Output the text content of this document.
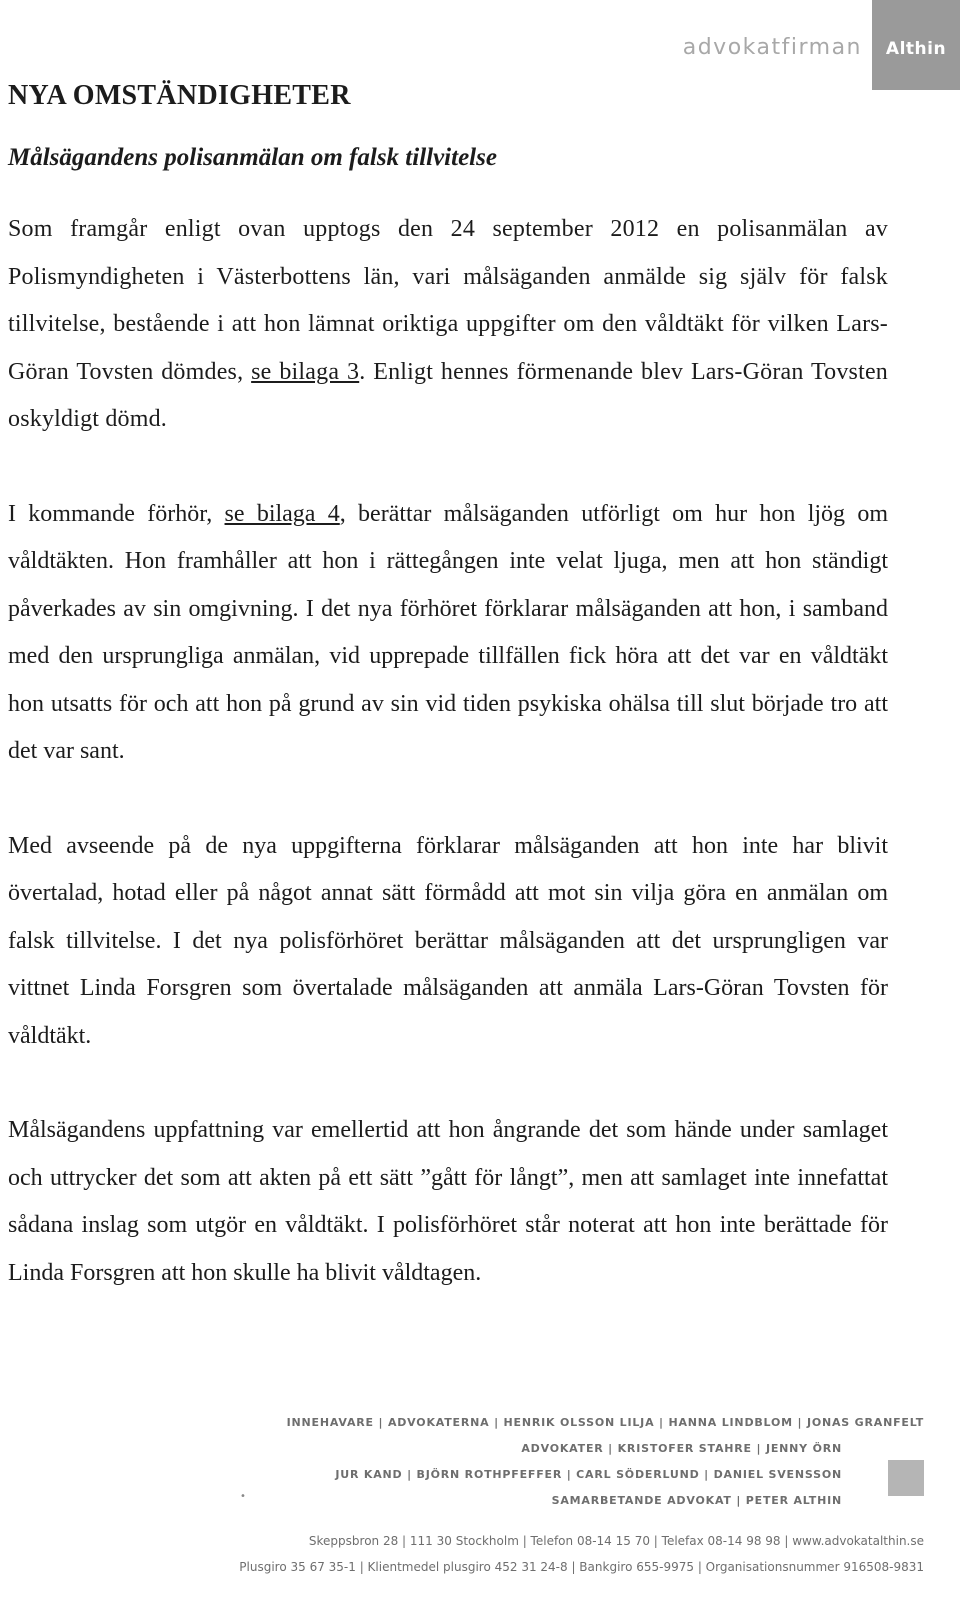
advokatfirman	Althin
NYA OMSTÄNDIGHETER
Målsägandens polisanmälan om falsk tillvitelse

Som framgår enligt ovan upptogs den 24 september 2012 en polisanmälan av Polismyndigheten i Västerbottens län, vari målsäganden anmälde sig själv för falsk tillvitelse, bestående i att hon lämnat oriktiga uppgifter om den våldtäkt för vilken Lars-Göran Tovsten dömdes, se bilaga 3. Enligt hennes förmenande blev Lars-Göran Tovsten oskyldigt dömd.

I kommande förhör, se bilaga 4, berättar målsäganden utförligt om hur hon ljög om våldtäkten. Hon framhåller att hon i rättegången inte velat ljuga, men att hon ständigt påverkades av sin omgivning. I det nya förhöret förklarar målsäganden att hon, i samband med den ursprungliga anmälan, vid upprepade tillfällen fick höra att det var en våldtäkt hon utsatts för och att hon på grund av sin vid tiden psykiska ohälsa till slut började tro att det var sant.

Med avseende på de nya uppgifterna förklarar målsäganden att hon inte har blivit övertalad, hotad eller på något annat sätt förmådd att mot sin vilja göra en anmälan om falsk tillvitelse. I det nya polisförhöret berättar målsäganden att det ursprungligen var vittnet Linda Forsgren som övertalade målsäganden att anmäla Lars-Göran Tovsten för våldtäkt.

Målsägandens uppfattning var emellertid att hon ångrande det som hände under samlaget och uttrycker det som att akten på ett sätt ”gått för långt”, men att samlaget inte innefattat sådana inslag som utgör en våldtäkt. I polisförhöret står noterat att hon inte berättade för Linda Forsgren att hon skulle ha blivit våldtagen.

•
INNEHAVARE | ADVOKATERNA | HENRIK OLSSON LILJA | HANNA LINDBLOM | JONAS GRANFELT
ADVOKATER | KRISTOFER STAHRE | JENNY ÖRN
JUR KAND | BJÖRN ROTHPFEFFER | CARL SÖDERLUND | DANIEL SVENSSON
SAMARBETANDE ADVOKAT | PETER ALTHIN
Skeppsbron 28 | 111 30 Stockholm | Telefon 08-14 15 70 | Telefax 08-14 98 98 | www.advokatalthin.se
Plusgiro 35 67 35-1 | Klientmedel plusgiro 452 31 24-8 | Bankgiro 655-9975 | Organisationsnummer 916508-9831
